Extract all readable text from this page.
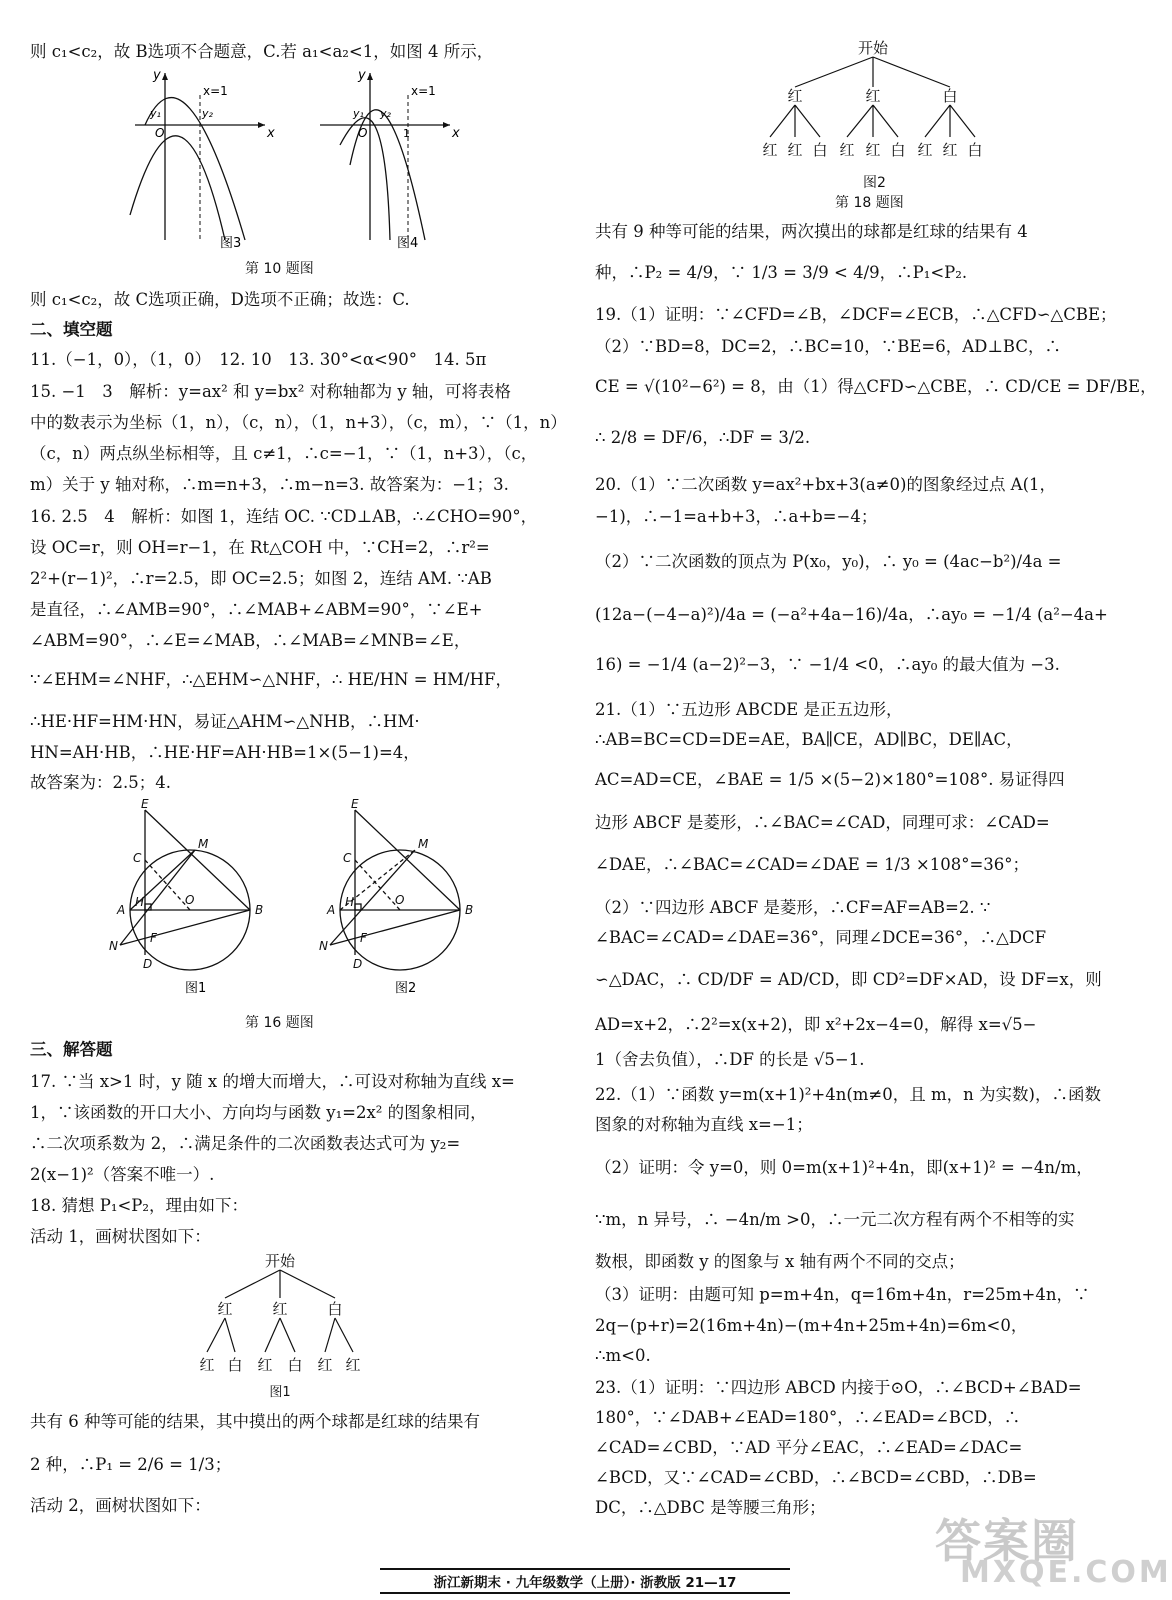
则 c₁<c₂，故 B选项不合题意，C.若 a₁<a₂<1，如图 4 所示，
x
y
x=1
O
y₁	y₂
图3
x
y
x=1
O
y₁ y₂
1
图4
第 10 题图
则 c₁<c₂，故 C选项正确，D选项不正确；故选：C.
二、填空题
11.（−1，0），（1，0）　12. 10　13. 30°<α<90°　14. 5π
15. −1　3　解析：y=ax² 和 y=bx² 对称轴都为 y 轴，可将表格
中的数表示为坐标（1，n），（c，n），（1，n+3），（c，m），∵（1，n）
（c，n）两点纵坐标相等，且 c≠1，∴c=−1，∵（1，n+3），（c，
m）关于 y 轴对称，∴m=n+3，∴m−n=3. 故答案为：−1；3.
16. 2.5　4　解析：如图 1，连结 OC. ∵CD⊥AB，∴∠CHO=90°，
设 OC=r，则 OH=r−1，在 Rt△COH 中，∵CH=2，∴r²=
2²+(r−1)²，∴r=2.5，即 OC=2.5；如图 2，连结 AM. ∵AB
是直径，∴∠AMB=90°，∴∠MAB+∠ABM=90°，∵∠E+
∠ABM=90°，∴∠E=∠MAB，∴∠MAB=∠MNB=∠E，
∵∠EHM=∠NHF，∴△EHM∽△NHF，∴ HE/HN = HM/HF，
∴HE·HF=HM·HN，易证△AHM∽△NHB，∴HM·
HN=AH·HB，∴HE·HF=AH·HB=1×(5−1)=4，
故答案为：2.5；4.
E
M
C
A
H	O
B
N
F
D
E
M
C
A
H	O
B
N
F
D
图1	图2
第 16 题图
三、解答题
17. ∵当 x>1 时，y 随 x 的增大而增大，∴可设对称轴为直线 x=
1，∵该函数的开口大小、方向均与函数 y₁=2x² 的图象相同，
∴二次项系数为 2，∴满足条件的二次函数表达式可为 y₂=
2(x−1)²（答案不唯一）.
18. 猜想 P₁<P₂，理由如下：
活动 1，画树状图如下：
开始
红	红	白
红 白 红 白 红 红
图1
共有 6 种等可能的结果，其中摸出的两个球都是红球的结果有
2 种，∴P₁ = 2/6 = 1/3；
活动 2，画树状图如下：
开始
红	红	白
红 红 白 红 红 白 红 红 白
图2
第 18 题图
共有 9 种等可能的结果，两次摸出的球都是红球的结果有 4
种，∴P₂ = 4/9，∵ 1/3 = 3/9 < 4/9，∴P₁<P₂.
19.（1）证明：∵∠CFD=∠B，∠DCF=∠ECB，∴△CFD∽△CBE；
（2）∵BD=8，DC=2，∴BC=10，∵BE=6，AD⊥BC，∴
CE = √(10²−6²) = 8，由（1）得△CFD∽△CBE，∴ CD/CE = DF/BE，
∴ 2/8 = DF/6，∴DF = 3/2.
20.（1）∵二次函数 y=ax²+bx+3(a≠0)的图象经过点 A(1，
−1)，∴−1=a+b+3，∴a+b=−4；
（2）∵二次函数的顶点为 P(x₀，y₀)，∴ y₀ = (4ac−b²)/4a =
(12a−(−4−a)²)/4a = (−a²+4a−16)/4a，∴ay₀ = −1/4 (a²−4a+
16) = −1/4 (a−2)²−3，∵ −1/4 <0，∴ay₀ 的最大值为 −3.
21.（1）∵五边形 ABCDE 是正五边形，
∴AB=BC=CD=DE=AE，BA∥CE，AD∥BC，DE∥AC，
AC=AD=CE，∠BAE = 1/5 ×(5−2)×180°=108°. 易证得四
边形 ABCF 是菱形，∴∠BAC=∠CAD，同理可求：∠CAD=
∠DAE，∴∠BAC=∠CAD=∠DAE = 1/3 ×108°=36°；
（2）∵四边形 ABCF 是菱形，∴CF=AF=AB=2. ∵
∠BAC=∠CAD=∠DAE=36°，同理∠DCE=36°，∴△DCF
∽△DAC，∴ CD/DF = AD/CD，即 CD²=DF×AD，设 DF=x，则
AD=x+2，∴2²=x(x+2)，即 x²+2x−4=0，解得 x=√5−
1（舍去负值），∴DF 的长是 √5−1.
22.（1）∵函数 y=m(x+1)²+4n(m≠0，且 m，n 为实数)，∴函数
图象的对称轴为直线 x=−1；
（2）证明：令 y=0，则 0=m(x+1)²+4n，即(x+1)² = −4n/m，
∵m，n 异号，∴ −4n/m >0，∴一元二次方程有两个不相等的实
数根，即函数 y 的图象与 x 轴有两个不同的交点；
（3）证明：由题可知 p=m+4n，q=16m+4n，r=25m+4n，∵
2q−(p+r)=2(16m+4n)−(m+4n+25m+4n)=6m<0，
∴m<0.
23.（1）证明：∵四边形 ABCD 内接于⊙O，∴∠BCD+∠BAD=
180°，∵∠DAB+∠EAD=180°，∴∠EAD=∠BCD，∴
∠CAD=∠CBD，∵AD 平分∠EAC，∴∠EAD=∠DAC=
∠BCD，又∵∠CAD=∠CBD，∴∠BCD=∠CBD，∴DB=
DC，∴△DBC 是等腰三角形；
浙江新期末 · 九年级数学（上册）· 浙教版 21—17
答案圈
MXQE.COM
